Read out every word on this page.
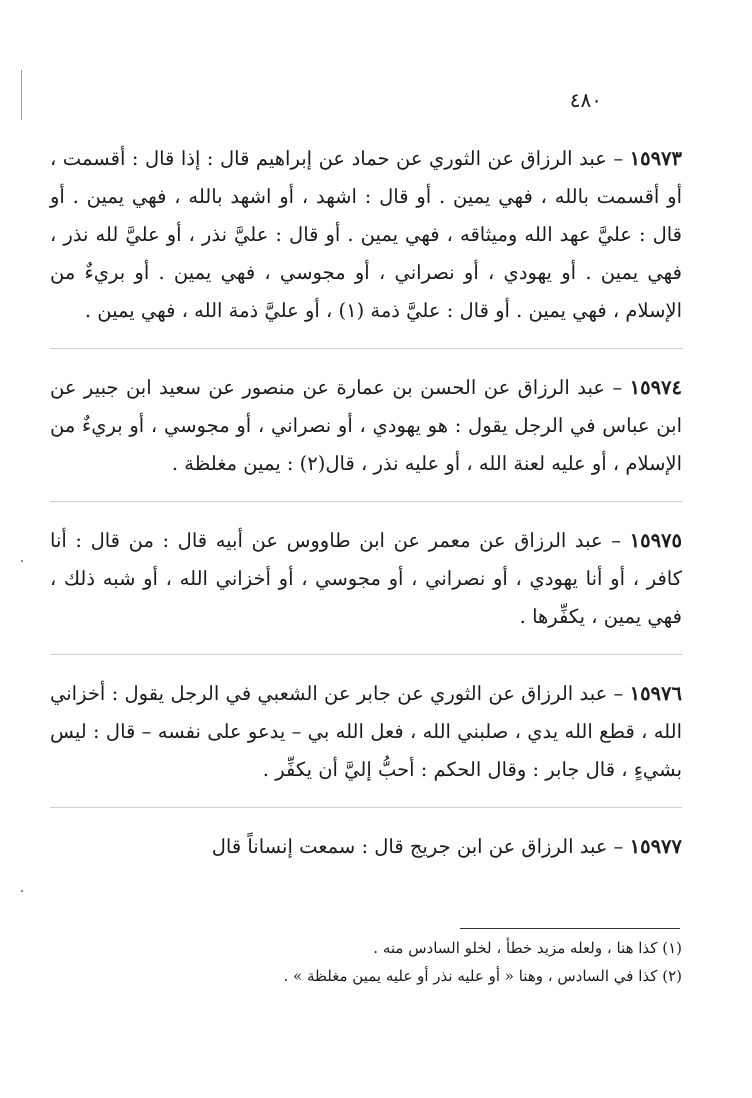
٤٨٠

١٥٩٧٣ – عبد الرزاق عن الثوري عن حماد عن إبراهيم قال : إذا قال : أقسمت ، أو أقسمت بالله ، فهي يمين . أو قال : اشهد ، أو اشهد بالله ، فهي يمين . أو قال : عليَّ عهد الله وميثاقه ، فهي يمين . أو قال : عليَّ نذر ، أو عليَّ لله نذر ، فهي يمين . أو يهودي ، أو نصراني ، أو مجوسي ، فهي يمين . أو بريءٌ من الإسلام ، فهي يمين . أو قال : عليَّ ذمة (١) ، أو عليَّ ذمة الله ، فهي يمين .

١٥٩٧٤ – عبد الرزاق عن الحسن بن عمارة عن منصور عن سعيد ابن جبير عن ابن عباس في الرجل يقول : هو يهودي ، أو نصراني ، أو مجوسي ، أو بريءٌ من الإسلام ، أو عليه لعنة الله ، أو عليه نذر ، قال(٢) : يمين مغلظة .

١٥٩٧٥ – عبد الرزاق عن معمر عن ابن طاووس عن أبيه قال : من قال : أنا كافر ، أو أنا يهودي ، أو نصراني ، أو مجوسي ، أو أخزاني الله ، أو شبه ذلك ، فهي يمين ، يكفِّرها .

١٥٩٧٦ – عبد الرزاق عن الثوري عن جابر عن الشعبي في الرجل يقول : أخزاني الله ، قطع الله يدي ، صلبني الله ، فعل الله بي – يدعو على نفسه – قال : ليس بشيءٍ ، قال جابر : وقال الحكم : أحبُّ إليَّ أن يكفِّر .

١٥٩٧٧ – عبد الرزاق عن ابن جريج قال : سمعت إنساناً قال

(١) كذا هنا ، ولعله مزيد خطأ ، لخلو السادس منه .
(٢) كذا في السادس ، وهنا « أو عليه نذر أو عليه يمين مغلظة » .
